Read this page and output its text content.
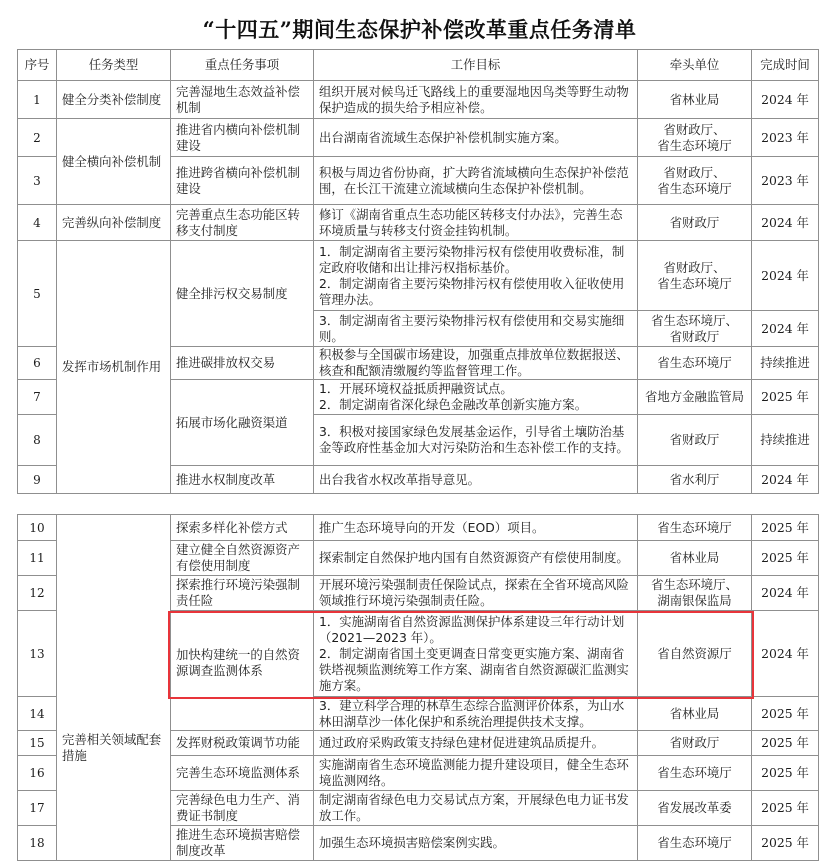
“十四五”期间生态保护补偿改革重点任务清单
序号	任务类型	重点任务事项	工作目标	牵头单位	完成时间
1	健全分类补偿制度	完善湿地生态效益补偿机制	组织开展对候鸟迁飞路线上的重要湿地因鸟类等野生动物保护造成的损失给予相应补偿。	省林业局	2024 年
2	健全横向补偿机制	推进省内横向补偿机制建设	出台湖南省流域生态保护补偿机制实施方案。	省财政厅、
省生态环境厅	2023 年
3		推进跨省横向补偿机制建设	积极与周边省份协商，扩大跨省流域横向生态保护补偿范围，在长江干流建立流域横向生态保护补偿机制。	省财政厅、
省生态环境厅	2023 年
4	完善纵向补偿制度	完善重点生态功能区转移支付制度	修订《湖南省重点生态功能区转移支付办法》，完善生态环境质量与转移支付资金挂钩机制。	省财政厅	2024 年
5	发挥市场机制作用	健全排污权交易制度	1．制定湖南省主要污染物排污权有偿使用收费标准，制定政府收储和出让排污权指标基价。
2．制定湖南省主要污染物排污权有偿使用收入征收使用管理办法。	省财政厅、
省生态环境厅	2024 年
			3．制定湖南省主要污染物排污权有偿使用和交易实施细则。	省生态环境厅、
省财政厅	2024 年
6		推进碳排放权交易	积极参与全国碳市场建设，加强重点排放单位数据报送、核查和配额清缴履约等监督管理工作。	省生态环境厅	持续推进
7		拓展市场化融资渠道	1．开展环境权益抵质押融资试点。
2．制定湖南省深化绿色金融改革创新实施方案。	省地方金融监管局	2025 年
8			3．积极对接国家绿色发展基金运作，引导省土壤防治基金等政府性基金加大对污染防治和生态补偿工作的支持。	省财政厅	持续推进
9		推进水权制度改革	出台我省水权改革指导意见。	省水利厅	2024 年
10	完善相关领域配套措施	探索多样化补偿方式	推广生态环境导向的开发（EOD）项目。	省生态环境厅	2025 年
11		建立健全自然资源资产有偿使用制度	探索制定自然保护地内国有自然资源资产有偿使用制度。	省林业局	2025 年
12		探索推行环境污染强制责任险	开展环境污染强制责任保险试点，探索在全省环境高风险领域推行环境污染强制责任险。	省生态环境厅、
湖南银保监局	2024 年
13		加快构建统一的自然资源调查监测体系	1．实施湖南省自然资源监测保护体系建设三年行动计划（2021—2023 年）。
2．制定湖南省国土变更调查日常变更实施方案、湖南省铁塔视频监测统筹工作方案、湖南省自然资源碳汇监测实施方案。	省自然资源厅	2024 年
14			3．建立科学合理的林草生态综合监测评价体系，为山水林田湖草沙一体化保护和系统治理提供技术支撑。	省林业局	2025 年
15		发挥财税政策调节功能	通过政府采购政策支持绿色建材促进建筑品质提升。	省财政厅	2025 年
16		完善生态环境监测体系	实施湖南省生态环境监测能力提升建设项目，健全生态环境监测网络。	省生态环境厅	2025 年
17		完善绿色电力生产、消费证书制度	制定湖南省绿色电力交易试点方案，开展绿色电力证书发放工作。	省发展改革委	2025 年
18		推进生态环境损害赔偿制度改革	加强生态环境损害赔偿案例实践。	省生态环境厅	2025 年
